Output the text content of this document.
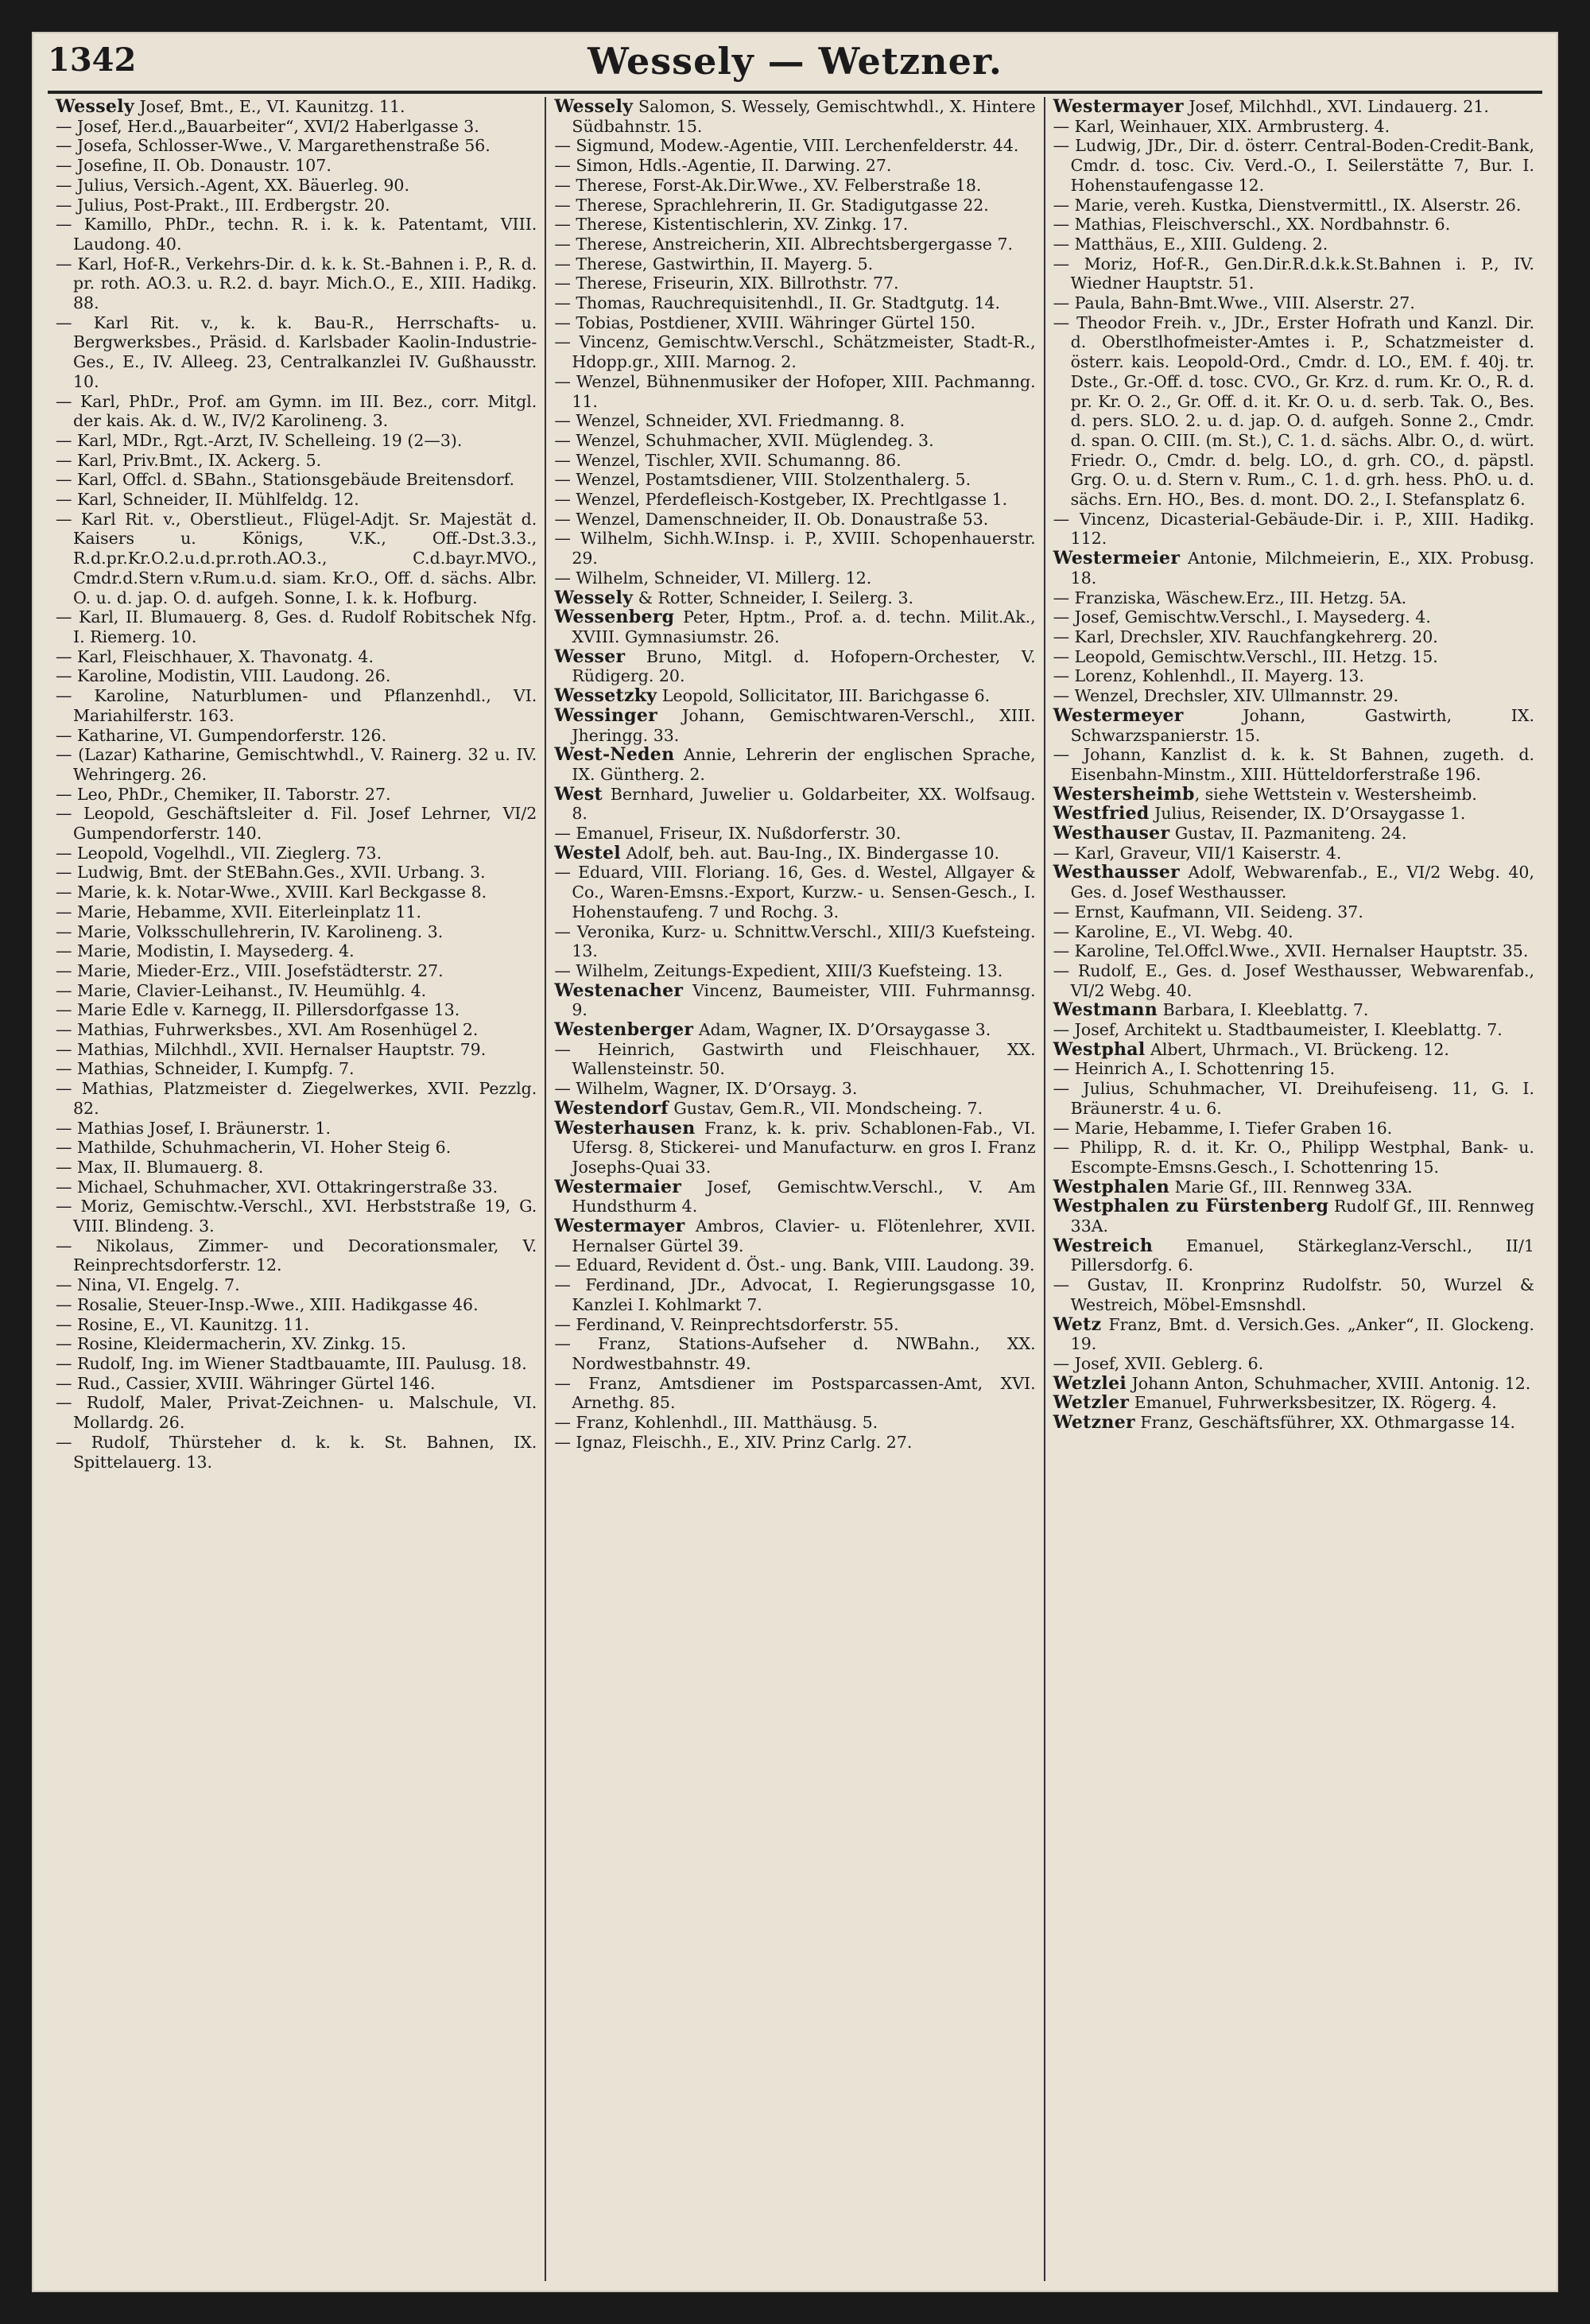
1342	Wessely — Wetzner.

Wessely Josef, Bmt., E., VI. Kaunitzg. 11.

— Josef, Her.d.„Bauarbeiter“, XVI/2 Haberlgasse 3.

— Josefa, Schlosser-Wwe., V. Margarethenstraße 56.

— Josefine, II. Ob. Donaustr. 107.

— Julius, Versich.-Agent, XX. Bäuerleg. 90.

— Julius, Post-Prakt., III. Erdbergstr. 20.

— Kamillo, PhDr., techn. R. i. k. k. Patentamt, VIII. Laudong. 40.

— Karl, Hof-R., Verkehrs-Dir. d. k. k. St.-Bahnen i. P., R. d. pr. roth. AO.3. u. R.2. d. bayr. Mich.O., E., XIII. Hadikg. 88.

— Karl Rit. v., k. k. Bau-R., Herrschafts- u. Bergwerksbes., Präsid. d. Karlsbader Kaolin-Industrie-Ges., E., IV. Alleeg. 23, Centralkanzlei IV. Gußhausstr. 10.

— Karl, PhDr., Prof. am Gymn. im III. Bez., corr. Mitgl. der kais. Ak. d. W., IV/2 Karolineng. 3.

— Karl, MDr., Rgt.-Arzt, IV. Schelleing. 19 (2—3).

— Karl, Priv.Bmt., IX. Ackerg. 5.

— Karl, Offcl. d. SBahn., Stationsgebäude Breitensdorf.

— Karl, Schneider, II. Mühlfeldg. 12.

— Karl Rit. v., Oberstlieut., Flügel-Adjt. Sr. Majestät d. Kaisers u. Königs, V.K., Off.-Dst.3.3., R.d.pr.Kr.O.2.u.d.pr.roth.AO.3., C.d.bayr.MVO., Cmdr.d.Stern v.Rum.u.d. siam. Kr.O., Off. d. sächs. Albr. O. u. d. jap. O. d. aufgeh. Sonne, I. k. k. Hofburg.

— Karl, II. Blumauerg. 8, Ges. d. Rudolf Robitschek Nfg. I. Riemerg. 10.

— Karl, Fleischhauer, X. Thavonatg. 4.

— Karoline, Modistin, VIII. Laudong. 26.

— Karoline, Naturblumen- und Pflanzenhdl., VI. Mariahilferstr. 163.

— Katharine, VI. Gumpendorferstr. 126.

— (Lazar) Katharine, Gemischtwhdl., V. Rainerg. 32 u. IV. Wehringerg. 26.

— Leo, PhDr., Chemiker, II. Taborstr. 27.

— Leopold, Geschäftsleiter d. Fil. Josef Lehrner, VI/2 Gumpendorferstr. 140.

— Leopold, Vogelhdl., VII. Zieglerg. 73.

— Ludwig, Bmt. der StEBahn.Ges., XVII. Urbang. 3.

— Marie, k. k. Notar-Wwe., XVIII. Karl Beckgasse 8.

— Marie, Hebamme, XVII. Eiterleinplatz 11.

— Marie, Volksschullehrerin, IV. Karolineng. 3.

— Marie, Modistin, I. Maysederg. 4.

— Marie, Mieder-Erz., VIII. Josefstädterstr. 27.

— Marie, Clavier-Leihanst., IV. Heumühlg. 4.

— Marie Edle v. Karnegg, II. Pillersdorfgasse 13.

— Mathias, Fuhrwerksbes., XVI. Am Rosenhügel 2.

— Mathias, Milchhdl., XVII. Hernalser Hauptstr. 79.

— Mathias, Schneider, I. Kumpfg. 7.

— Mathias, Platzmeister d. Ziegelwerkes, XVII. Pezzlg. 82.

— Mathias Josef, I. Bräunerstr. 1.

— Mathilde, Schuhmacherin, VI. Hoher Steig 6.

— Max, II. Blumauerg. 8.

— Michael, Schuhmacher, XVI. Ottakringerstraße 33.

— Moriz, Gemischtw.-Verschl., XVI. Herbststraße 19, G. VIII. Blindeng. 3.

— Nikolaus, Zimmer- und Decorationsmaler, V. Reinprechtsdorferstr. 12.

— Nina, VI. Engelg. 7.

— Rosalie, Steuer-Insp.-Wwe., XIII. Hadikgasse 46.

— Rosine, E., VI. Kaunitzg. 11.

— Rosine, Kleidermacherin, XV. Zinkg. 15.

— Rudolf, Ing. im Wiener Stadtbauamte, III. Paulusg. 18.

— Rud., Cassier, XVIII. Währinger Gürtel 146.

— Rudolf, Maler, Privat-Zeichnen- u. Malschule, VI. Mollardg. 26.

— Rudolf, Thürsteher d. k. k. St. Bahnen, IX. Spittelauerg. 13.

Wessely Salomon, S. Wessely, Gemischtwhdl., X. Hintere Südbahnstr. 15.

— Sigmund, Modew.-Agentie, VIII. Lerchenfelderstr. 44.

— Simon, Hdls.-Agentie, II. Darwing. 27.

— Therese, Forst-Ak.Dir.Wwe., XV. Felberstraße 18.

— Therese, Sprachlehrerin, II. Gr. Stadigutgasse 22.

— Therese, Kistentischlerin, XV. Zinkg. 17.

— Therese, Anstreicherin, XII. Albrechtsbergergasse 7.

— Therese, Gastwirthin, II. Mayerg. 5.

— Therese, Friseurin, XIX. Billrothstr. 77.

— Thomas, Rauchrequisitenhdl., II. Gr. Stadtgutg. 14.

— Tobias, Postdiener, XVIII. Währinger Gürtel 150.

— Vincenz, Gemischtw.Verschl., Schätzmeister, Stadt-R., Hdopp.gr., XIII. Marnog. 2.

— Wenzel, Bühnenmusiker der Hofoper, XIII. Pachmanng. 11.

— Wenzel, Schneider, XVI. Friedmanng. 8.

— Wenzel, Schuhmacher, XVII. Müglendeg. 3.

— Wenzel, Tischler, XVII. Schumanng. 86.

— Wenzel, Postamtsdiener, VIII. Stolzenthalerg. 5.

— Wenzel, Pferdefleisch-Kostgeber, IX. Prechtlgasse 1.

— Wenzel, Damenschneider, II. Ob. Donaustraße 53.

— Wilhelm, Sichh.W.Insp. i. P., XVIII. Schopenhauerstr. 29.

— Wilhelm, Schneider, VI. Millerg. 12.

Wessely & Rotter, Schneider, I. Seilerg. 3.

Wessenberg Peter, Hptm., Prof. a. d. techn. Milit.Ak., XVIII. Gymnasiumstr. 26.

Wesser Bruno, Mitgl. d. Hofopern-Orchester, V. Rüdigerg. 20.

Wessetzky Leopold, Sollicitator, III. Barichgasse 6.

Wessinger Johann, Gemischtwaren-Verschl., XIII. Jheringg. 33.

West-Neden Annie, Lehrerin der englischen Sprache, IX. Güntherg. 2.

West Bernhard, Juwelier u. Goldarbeiter, XX. Wolfsaug. 8.

— Emanuel, Friseur, IX. Nußdorferstr. 30.

Westel Adolf, beh. aut. Bau-Ing., IX. Bindergasse 10.

— Eduard, VIII. Floriang. 16, Ges. d. Westel, Allgayer & Co., Waren-Emsns.-Export, Kurzw.- u. Sensen-Gesch., I. Hohenstaufeng. 7 und Rochg. 3.

— Veronika, Kurz- u. Schnittw.Verschl., XIII/3 Kuefsteing. 13.

— Wilhelm, Zeitungs-Expedient, XIII/3 Kuefsteing. 13.

Westenacher Vincenz, Baumeister, VIII. Fuhrmannsg. 9.

Westenberger Adam, Wagner, IX. D’Orsaygasse 3.

— Heinrich, Gastwirth und Fleischhauer, XX. Wallensteinstr. 50.

— Wilhelm, Wagner, IX. D’Orsayg. 3.

Westendorf Gustav, Gem.R., VII. Mondscheing. 7.

Westerhausen Franz, k. k. priv. Schablonen-Fab., VI. Ufersg. 8, Stickerei- und Manufacturw. en gros I. Franz Josephs-Quai 33.

Westermaier Josef, Gemischtw.Verschl., V. Am Hundsthurm 4.

Westermayer Ambros, Clavier- u. Flötenlehrer, XVII. Hernalser Gürtel 39.

— Eduard, Revident d. Öst.- ung. Bank, VIII. Laudong. 39.

— Ferdinand, JDr., Advocat, I. Regierungsgasse 10, Kanzlei I. Kohlmarkt 7.

— Ferdinand, V. Reinprechtsdorferstr. 55.

— Franz, Stations-Aufseher d. NWBahn., XX. Nordwestbahnstr. 49.

— Franz, Amtsdiener im Postsparcassen-Amt, XVI. Arnethg. 85.

— Franz, Kohlenhdl., III. Matthäusg. 5.

— Ignaz, Fleischh., E., XIV. Prinz Carlg. 27.

Westermayer Josef, Milchhdl., XVI. Lindauerg. 21.

— Karl, Weinhauer, XIX. Armbrusterg. 4.

— Ludwig, JDr., Dir. d. österr. Central-Boden-Credit-Bank, Cmdr. d. tosc. Civ. Verd.-O., I. Seilerstätte 7, Bur. I. Hohenstaufengasse 12.

— Marie, vereh. Kustka, Dienstvermittl., IX. Alserstr. 26.

— Mathias, Fleischverschl., XX. Nordbahnstr. 6.

— Matthäus, E., XIII. Guldeng. 2.

— Moriz, Hof-R., Gen.Dir.R.d.k.k.St.Bahnen i. P., IV. Wiedner Hauptstr. 51.

— Paula, Bahn-Bmt.Wwe., VIII. Alserstr. 27.

— Theodor Freih. v., JDr., Erster Hofrath und Kanzl. Dir. d. Oberstlhofmeister-Amtes i. P., Schatzmeister d. österr. kais. Leopold-Ord., Cmdr. d. LO., EM. f. 40j. tr. Dste., Gr.-Off. d. tosc. CVO., Gr. Krz. d. rum. Kr. O., R. d. pr. Kr. O. 2., Gr. Off. d. it. Kr. O. u. d. serb. Tak. O., Bes. d. pers. SLO. 2. u. d. jap. O. d. aufgeh. Sonne 2., Cmdr. d. span. O. CIII. (m. St.), C. 1. d. sächs. Albr. O., d. würt. Friedr. O., Cmdr. d. belg. LO., d. grh. CO., d. päpstl. Grg. O. u. d. Stern v. Rum., C. 1. d. grh. hess. PhO. u. d. sächs. Ern. HO., Bes. d. mont. DO. 2., I. Stefansplatz 6.

— Vincenz, Dicasterial-Gebäude-Dir. i. P., XIII. Hadikg. 112.

Westermeier Antonie, Milchmeierin, E., XIX. Probusg. 18.

— Franziska, Wäschew.Erz., III. Hetzg. 5A.

— Josef, Gemischtw.Verschl., I. Maysederg. 4.

— Karl, Drechsler, XIV. Rauchfangkehrerg. 20.

— Leopold, Gemischtw.Verschl., III. Hetzg. 15.

— Lorenz, Kohlenhdl., II. Mayerg. 13.

— Wenzel, Drechsler, XIV. Ullmannstr. 29.

Westermeyer Johann, Gastwirth, IX. Schwarzspanierstr. 15.

— Johann, Kanzlist d. k. k. St Bahnen, zugeth. d. Eisenbahn-Minstm., XIII. Hütteldorferstraße 196.

Westersheimb, siehe Wettstein v. Westersheimb.

Westfried Julius, Reisender, IX. D’Orsaygasse 1.

Westhauser Gustav, II. Pazmaniteng. 24.

— Karl, Graveur, VII/1 Kaiserstr. 4.

Westhausser Adolf, Webwarenfab., E., VI/2 Webg. 40, Ges. d. Josef Westhausser.

— Ernst, Kaufmann, VII. Seideng. 37.

— Karoline, E., VI. Webg. 40.

— Karoline, Tel.Offcl.Wwe., XVII. Hernalser Hauptstr. 35.

— Rudolf, E., Ges. d. Josef Westhausser, Webwarenfab., VI/2 Webg. 40.

Westmann Barbara, I. Kleeblattg. 7.

— Josef, Architekt u. Stadtbaumeister, I. Kleeblattg. 7.

Westphal Albert, Uhrmach., VI. Brückeng. 12.

— Heinrich A., I. Schottenring 15.

— Julius, Schuhmacher, VI. Dreihufeiseng. 11, G. I. Bräunerstr. 4 u. 6.

— Marie, Hebamme, I. Tiefer Graben 16.

— Philipp, R. d. it. Kr. O., Philipp Westphal, Bank- u. Escompte-Emsns.Gesch., I. Schottenring 15.

Westphalen Marie Gf., III. Rennweg 33A.

Westphalen zu Fürstenberg Rudolf Gf., III. Rennweg 33A.

Westreich Emanuel, Stärkeglanz-Verschl., II/1 Pillersdorfg. 6.

— Gustav, II. Kronprinz Rudolfstr. 50, Wurzel & Westreich, Möbel-Emsnshdl.

Wetz Franz, Bmt. d. Versich.Ges. „Anker“, II. Glockeng. 19.

— Josef, XVII. Geblerg. 6.

Wetzlei Johann Anton, Schuhmacher, XVIII. Antonig. 12.

Wetzler Emanuel, Fuhrwerksbesitzer, IX. Rögerg. 4.

Wetzner Franz, Geschäftsführer, XX. Othmargasse 14.
